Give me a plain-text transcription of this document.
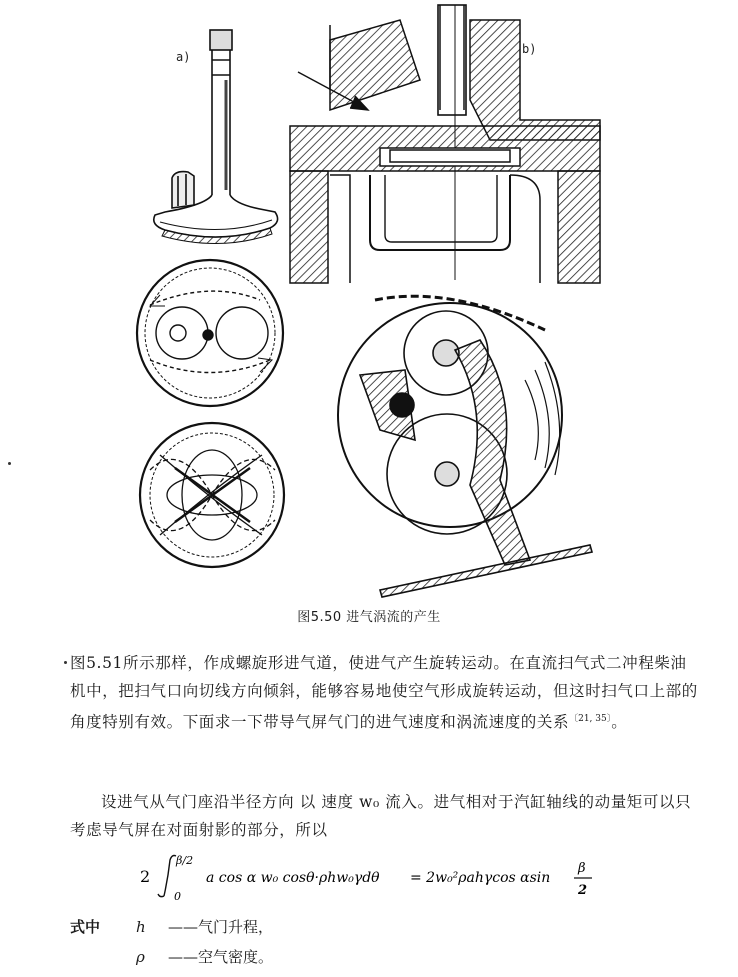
a)
b)
图5.50 进气涡流的产生

图5.51所示那样，作成螺旋形进气道，使进气产生旋转运动。在直流扫气式二冲程柴油机中，把扫气口向切线方向倾斜，能够容易地使空气形成旋转运动，但这时扫气口上部的角度特别有效。下面求一下带导气屏气门的进气速度和涡流速度的关系$^{〔21, 35〕}$。

设进气从气门座沿半径方向 以 速度 w₀ 流入。进气相对于汽缸轴线的动量矩可以只考虑导气屏在对面射影的部分，所以

2
β/2
0
a cos α w₀ cosθ·ρhw₀γdθ = 2w₀²ρahγcos αsin
β
2
式中	h	——气门升程，
ρ	——空气密度。
